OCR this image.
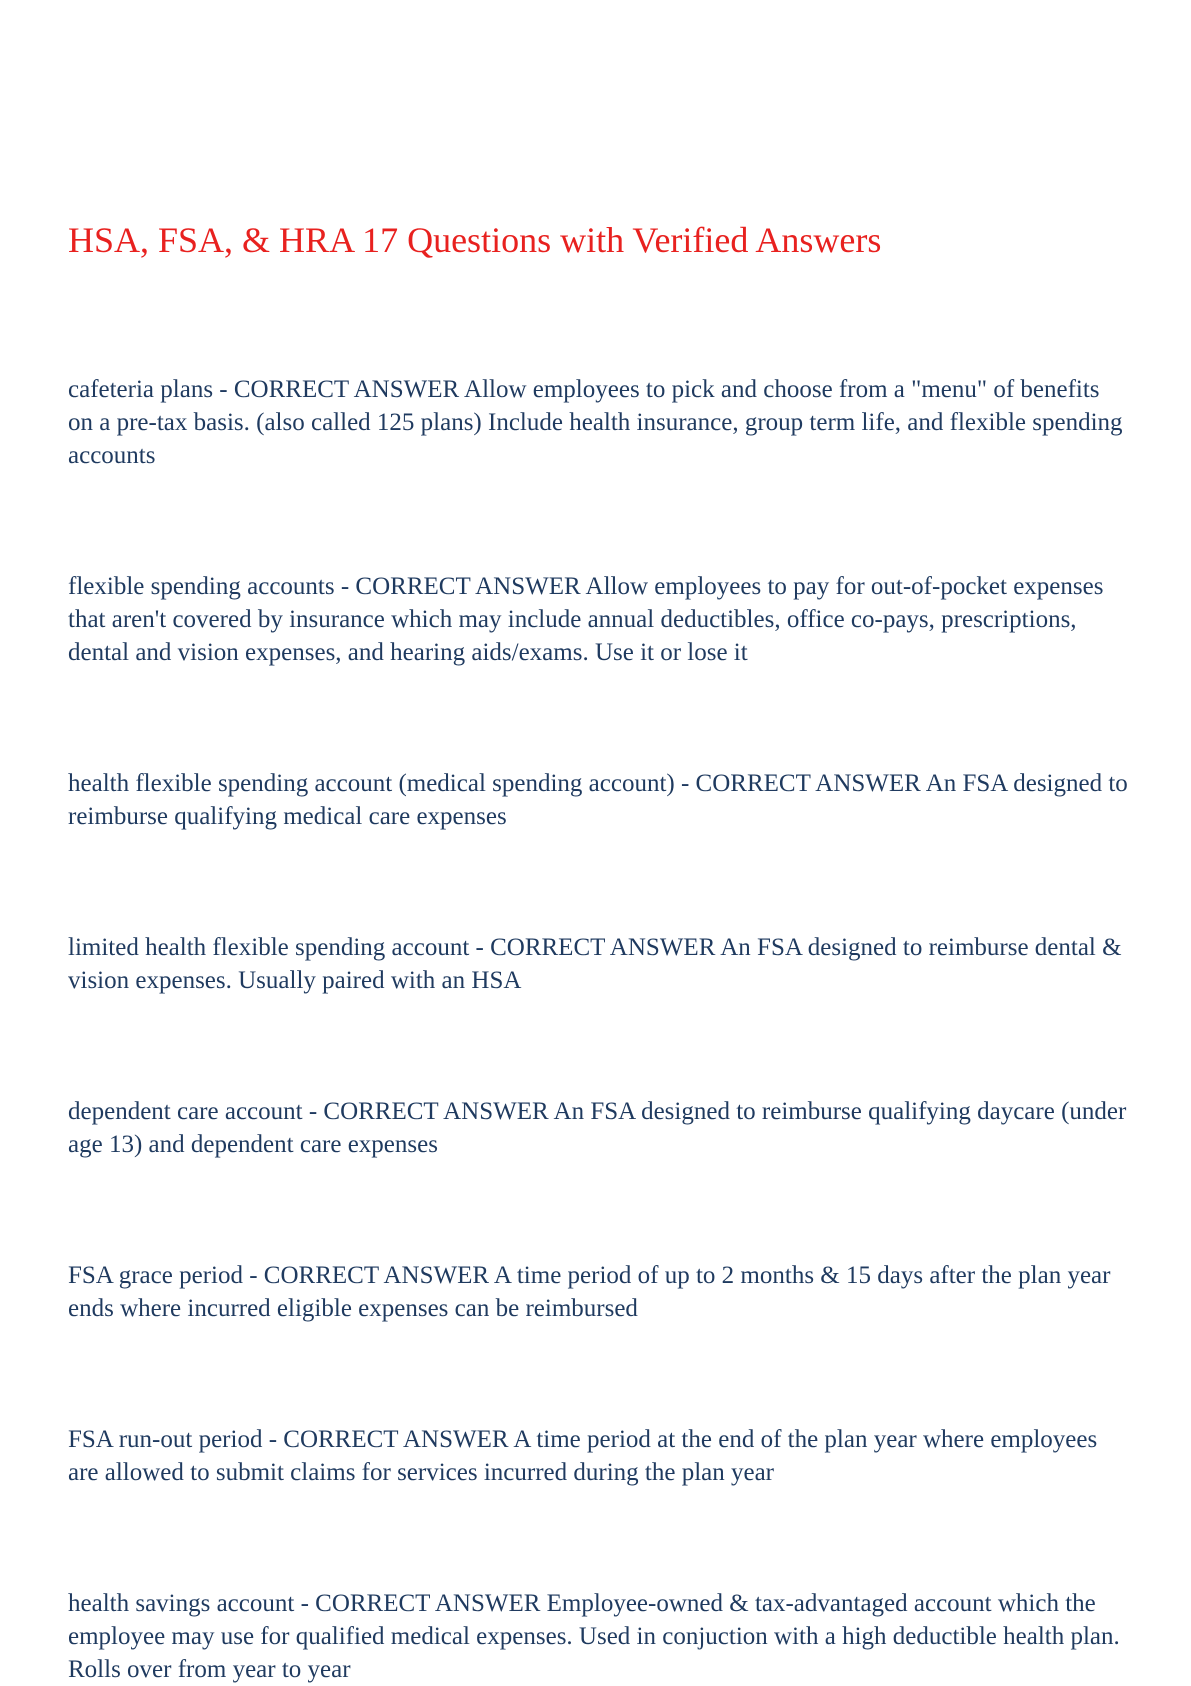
HSA, FSA, & HRA 17 Questions with Verified Answers

cafeteria plans - CORRECT ANSWER Allow employees to pick and choose from a "menu" of benefits on a pre-tax basis. (also called 125 plans) Include health insurance, group term life, and flexible spending accounts

flexible spending accounts - CORRECT ANSWER Allow employees to pay for out-of-pocket expenses that aren't covered by insurance which may include annual deductibles, office co-pays, prescriptions, dental and vision expenses, and hearing aids/exams. Use it or lose it

health flexible spending account (medical spending account) - CORRECT ANSWER An FSA designed to reimburse qualifying medical care expenses

limited health flexible spending account - CORRECT ANSWER An FSA designed to reimburse dental & vision expenses. Usually paired with an HSA

dependent care account - CORRECT ANSWER An FSA designed to reimburse qualifying daycare (under age 13) and dependent care expenses

FSA grace period - CORRECT ANSWER A time period of up to 2 months & 15 days after the plan year ends where incurred eligible expenses can be reimbursed

FSA run-out period - CORRECT ANSWER A time period at the end of the plan year where employees are allowed to submit claims for services incurred during the plan year

health savings account - CORRECT ANSWER Employee-owned & tax-advantaged account which the employee may use for qualified medical expenses. Used in conjuction with a high deductible health plan. Rolls over from year to year
